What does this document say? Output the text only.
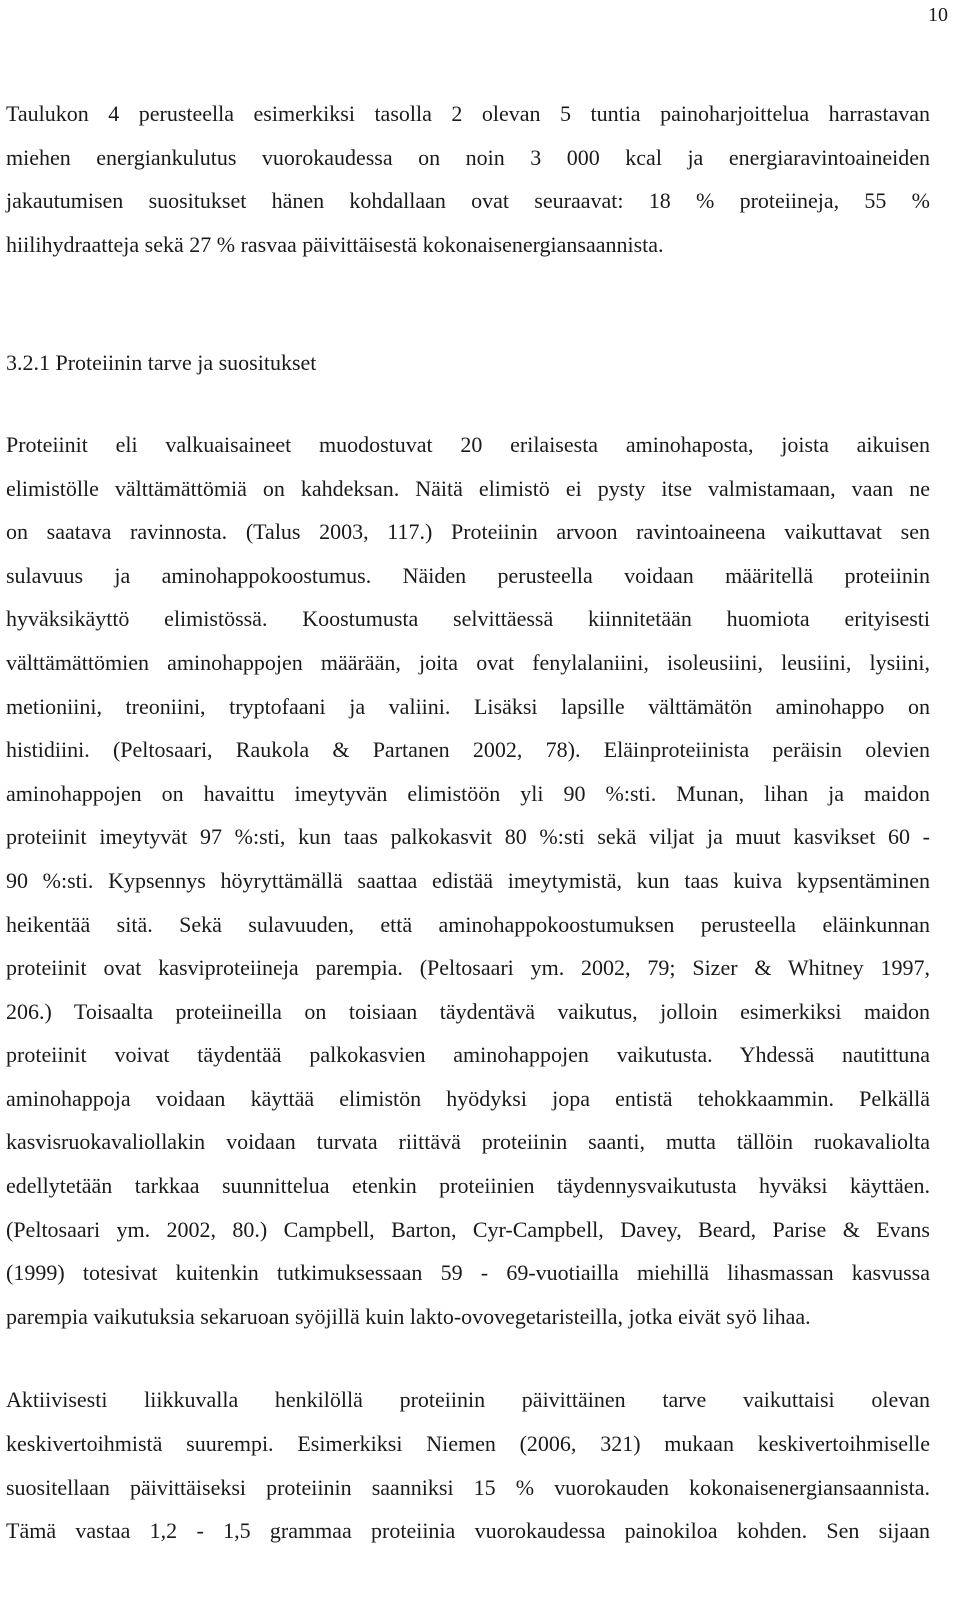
10

Taulukon 4 perusteella esimerkiksi tasolla 2 olevan 5 tuntia painoharjoittelua harrastavan
miehen energiankulutus vuorokaudessa on noin 3 000 kcal ja energiaravintoaineiden
jakautumisen suositukset hänen kohdallaan ovat seuraavat: 18 % proteiineja, 55 %
hiilihydraatteja sekä 27 % rasvaa päivittäisestä kokonaisenergiansaannista.

3.2.1 Proteiinin tarve ja suositukset

Proteiinit eli valkuaisaineet muodostuvat 20 erilaisesta aminohaposta, joista aikuisen
elimistölle välttämättömiä on kahdeksan. Näitä elimistö ei pysty itse valmistamaan, vaan ne
on saatava ravinnosta. (Talus 2003, 117.) Proteiinin arvoon ravintoaineena vaikuttavat sen
sulavuus ja aminohappokoostumus. Näiden perusteella voidaan määritellä proteiinin
hyväksikäyttö elimistössä. Koostumusta selvittäessä kiinnitetään huomiota erityisesti
välttämättömien aminohappojen määrään, joita ovat fenylalaniini, isoleusiini, leusiini, lysiini,
metioniini, treoniini, tryptofaani ja valiini. Lisäksi lapsille välttämätön aminohappo on
histidiini. (Peltosaari, Raukola & Partanen 2002, 78). Eläinproteiinista peräisin olevien
aminohappojen on havaittu imeytyvän elimistöön yli 90 %:sti. Munan, lihan ja maidon
proteiinit imeytyvät 97 %:sti, kun taas palkokasvit 80 %:sti sekä viljat ja muut kasvikset 60 -
90 %:sti. Kypsennys höyryttämällä saattaa edistää imeytymistä, kun taas kuiva kypsentäminen
heikentää sitä. Sekä sulavuuden, että aminohappokoostumuksen perusteella eläinkunnan
proteiinit ovat kasviproteiineja parempia. (Peltosaari ym. 2002, 79; Sizer & Whitney 1997,
206.) Toisaalta proteiineilla on toisiaan täydentävä vaikutus, jolloin esimerkiksi maidon
proteiinit voivat täydentää palkokasvien aminohappojen vaikutusta. Yhdessä nautittuna
aminohappoja voidaan käyttää elimistön hyödyksi jopa entistä tehokkaammin. Pelkällä
kasvisruokavaliollakin voidaan turvata riittävä proteiinin saanti, mutta tällöin ruokavaliolta
edellytetään tarkkaa suunnittelua etenkin proteiinien täydennysvaikutusta hyväksi käyttäen.
(Peltosaari ym. 2002, 80.) Campbell, Barton, Cyr-Campbell, Davey, Beard, Parise & Evans
(1999) totesivat kuitenkin tutkimuksessaan 59 - 69-vuotiailla miehillä lihasmassan kasvussa
parempia vaikutuksia sekaruoan syöjillä kuin lakto-ovovegetaristeilla, jotka eivät syö lihaa.

Aktiivisesti liikkuvalla henkilöllä proteiinin päivittäinen tarve vaikuttaisi olevan
keskivertoihmistä suurempi. Esimerkiksi Niemen (2006, 321) mukaan keskivertoihmiselle
suositellaan päivittäiseksi proteiinin saanniksi 15 % vuorokauden kokonaisenergiansaannista.
Tämä vastaa 1,2 - 1,5 grammaa proteiinia vuorokaudessa painokiloa kohden. Sen sijaan
